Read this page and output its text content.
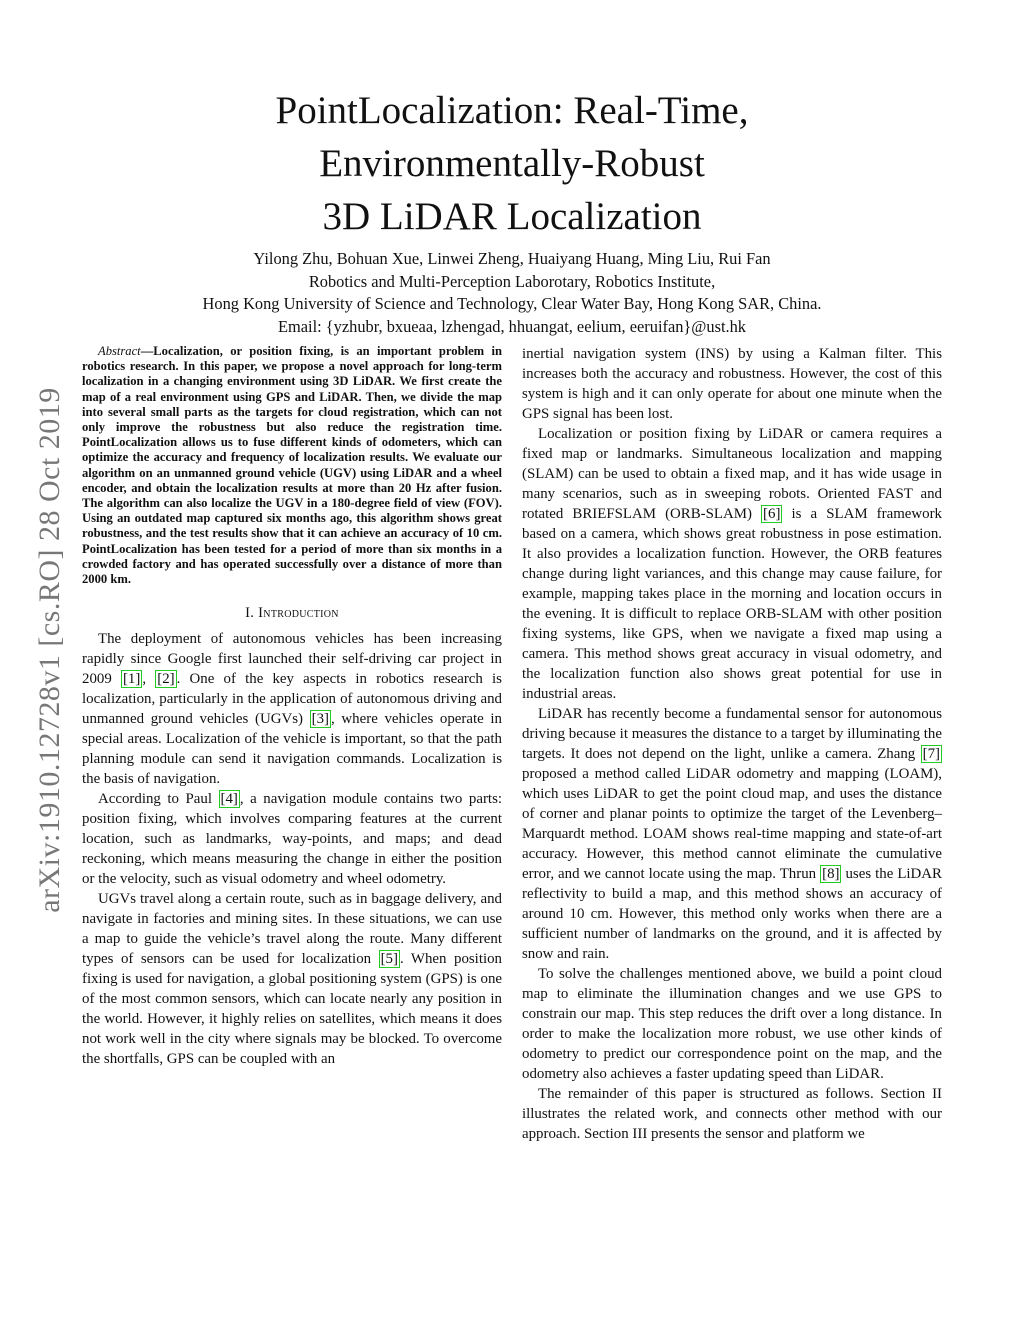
arXiv:1910.12728v1 [cs.RO] 28 Oct 2019
PointLocalization: Real-Time,
Environmentally-Robust
3D LiDAR Localization
Yilong Zhu, Bohuan Xue, Linwei Zheng, Huaiyang Huang, Ming Liu, Rui Fan
Robotics and Multi-Perception Laborotary, Robotics Institute,
Hong Kong University of Science and Technology, Clear Water Bay, Hong Kong SAR, China.
Email: {yzhubr, bxueaa, lzhengad, hhuangat, eelium, eeruifan}@ust.hk

Abstract—Localization, or position fixing, is an important problem in robotics research. In this paper, we propose a novel approach for long-term localization in a changing environment using 3D LiDAR. We first create the map of a real environment using GPS and LiDAR. Then, we divide the map into several small parts as the targets for cloud registration, which can not only improve the robustness but also reduce the registration time. PointLocalization allows us to fuse different kinds of odometers, which can optimize the accuracy and frequency of localization results. We evaluate our algorithm on an unmanned ground vehicle (UGV) using LiDAR and a wheel encoder, and obtain the localization results at more than 20 Hz after fusion. The algorithm can also localize the UGV in a 180-degree field of view (FOV). Using an outdated map captured six months ago, this algorithm shows great robustness, and the test results show that it can achieve an accuracy of 10 cm. PointLocalization has been tested for a period of more than six months in a crowded factory and has operated successfully over a distance of more than 2000 km.

I. Introduction

The deployment of autonomous vehicles has been increasing rapidly since Google first launched their self-driving car project in 2009 [1] , [2] . One of the key aspects in robotics research is localization, particularly in the application of autonomous driving and unmanned ground vehicles (UGVs) [3] , where vehicles operate in special areas. Localization of the vehicle is important, so that the path planning module can send it navigation commands. Localization is the basis of navigation.

According to Paul [4] , a navigation module contains two parts: position fixing, which involves comparing features at the current location, such as landmarks, way-points, and maps; and dead reckoning, which means measuring the change in either the position or the velocity, such as visual odometry and wheel odometry.

UGVs travel along a certain route, such as in baggage delivery, and navigate in factories and mining sites. In these situations, we can use a map to guide the vehicle’s travel along the route. Many different types of sensors can be used for localization [5] . When position fixing is used for navigation, a global positioning system (GPS) is one of the most common sensors, which can locate nearly any position in the world. However, it highly relies on satellites, which means it does not work well in the city where signals may be blocked. To overcome the shortfalls, GPS can be coupled with an

inertial navigation system (INS) by using a Kalman filter. This increases both the accuracy and robustness. However, the cost of this system is high and it can only operate for about one minute when the GPS signal has been lost.

Localization or position fixing by LiDAR or camera requires a fixed map or landmarks. Simultaneous localization and mapping (SLAM) can be used to obtain a fixed map, and it has wide usage in many scenarios, such as in sweeping robots. Oriented FAST and rotated BRIEFSLAM (ORB-SLAM) [6] is a SLAM framework based on a camera, which shows great robustness in pose estimation. It also provides a localization function. However, the ORB features change during light variances, and this change may cause failure, for example, mapping takes place in the morning and location occurs in the evening. It is difficult to replace ORB-SLAM with other position fixing systems, like GPS, when we navigate a fixed map using a camera. This method shows great accuracy in visual odometry, and the localization function also shows great potential for use in industrial areas.

LiDAR has recently become a fundamental sensor for autonomous driving because it measures the distance to a target by illuminating the targets. It does not depend on the light, unlike a camera. Zhang [7] proposed a method called LiDAR odometry and mapping (LOAM), which uses LiDAR to get the point cloud map, and uses the distance of corner and planar points to optimize the target of the Levenberg–Marquardt method. LOAM shows real-time mapping and state-of-art accuracy. However, this method cannot eliminate the cumulative error, and we cannot locate using the map. Thrun [8] uses the LiDAR reflectivity to build a map, and this method shows an accuracy of around 10 cm. However, this method only works when there are a sufficient number of landmarks on the ground, and it is affected by snow and rain.

To solve the challenges mentioned above, we build a point cloud map to eliminate the illumination changes and we use GPS to constrain our map. This step reduces the drift over a long distance. In order to make the localization more robust, we use other kinds of odometry to predict our correspondence point on the map, and the odometry also achieves a faster updating speed than LiDAR.

The remainder of this paper is structured as follows. Section II illustrates the related work, and connects other method with our approach. Section III presents the sensor and platform we
